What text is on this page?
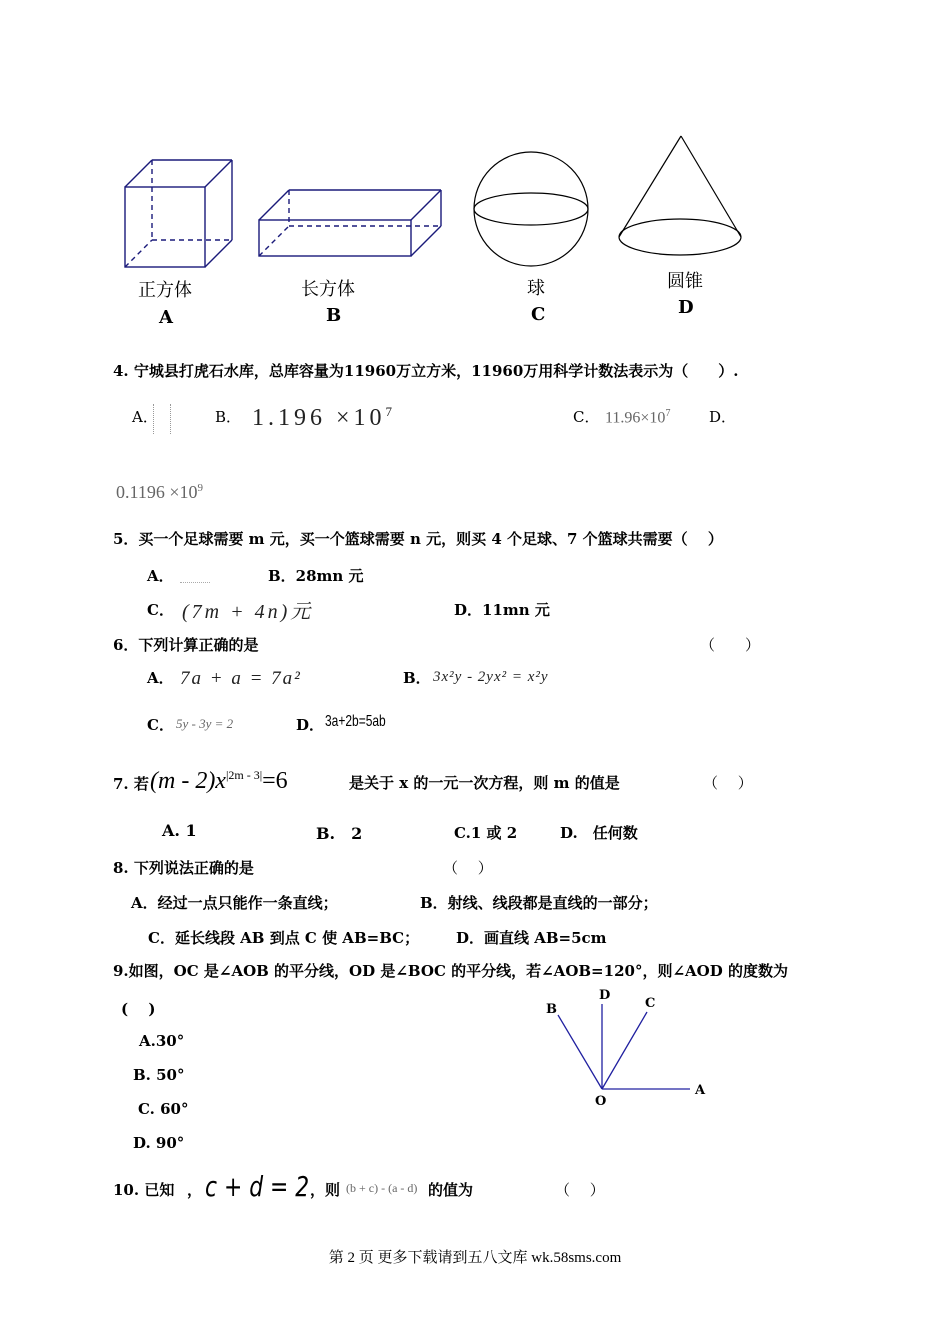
正方体
A
长方体
B
球
C
圆锥
D
4. 宁城县打虎石水库，总库容量为11960万立方米，11960万用科学计数法表示为（　　）.
A．	B． $1.196 \times 10^7$	C． $11.96\times 10^7$	D．
$0.1196 \times 10^9$
5．买一个足球需要 m 元，买一个篮球需要 n 元，则买 4 个足球、7 个篮球共需要（　 ）
A．	B．28mn 元
C． (7m + 4n)元	D．11mn 元
6．下列计算正确的是	（　　）
A． 7a + a = 7a²	B． 3x²y - 2yx² = x²y
C． 5y - 3y = 2	D． 3a+2b=5ab
7. 若 $(m - 2)x^{|2m - 3|}=6$	是关于 x 的一元一次方程，则 m 的值是	（　 ）
A. 1	B.　2	C.1 或 2	D.　任何数
8. 下列说法正确的是	（　 ）
A．经过一点只能作一条直线；	B．射线、线段都是直线的一部分；
C．延长线段 AB 到点 C 使 AB=BC； D．画直线 AB=5cm
9.如图，OC 是∠AOB 的平分线，OD 是∠BOC 的平分线，若∠AOB=120°，则∠AOD 的度数为
(　 )
A.30°
B. 50°
C. 60°
D. 90°
B
D
C
A
O
10. 已知 ， c + d = 2 ，则 (b + c) - (a - d) 的值为	（　 ）
第 2 页 更多下载请到五八文库 wk.58sms.com
